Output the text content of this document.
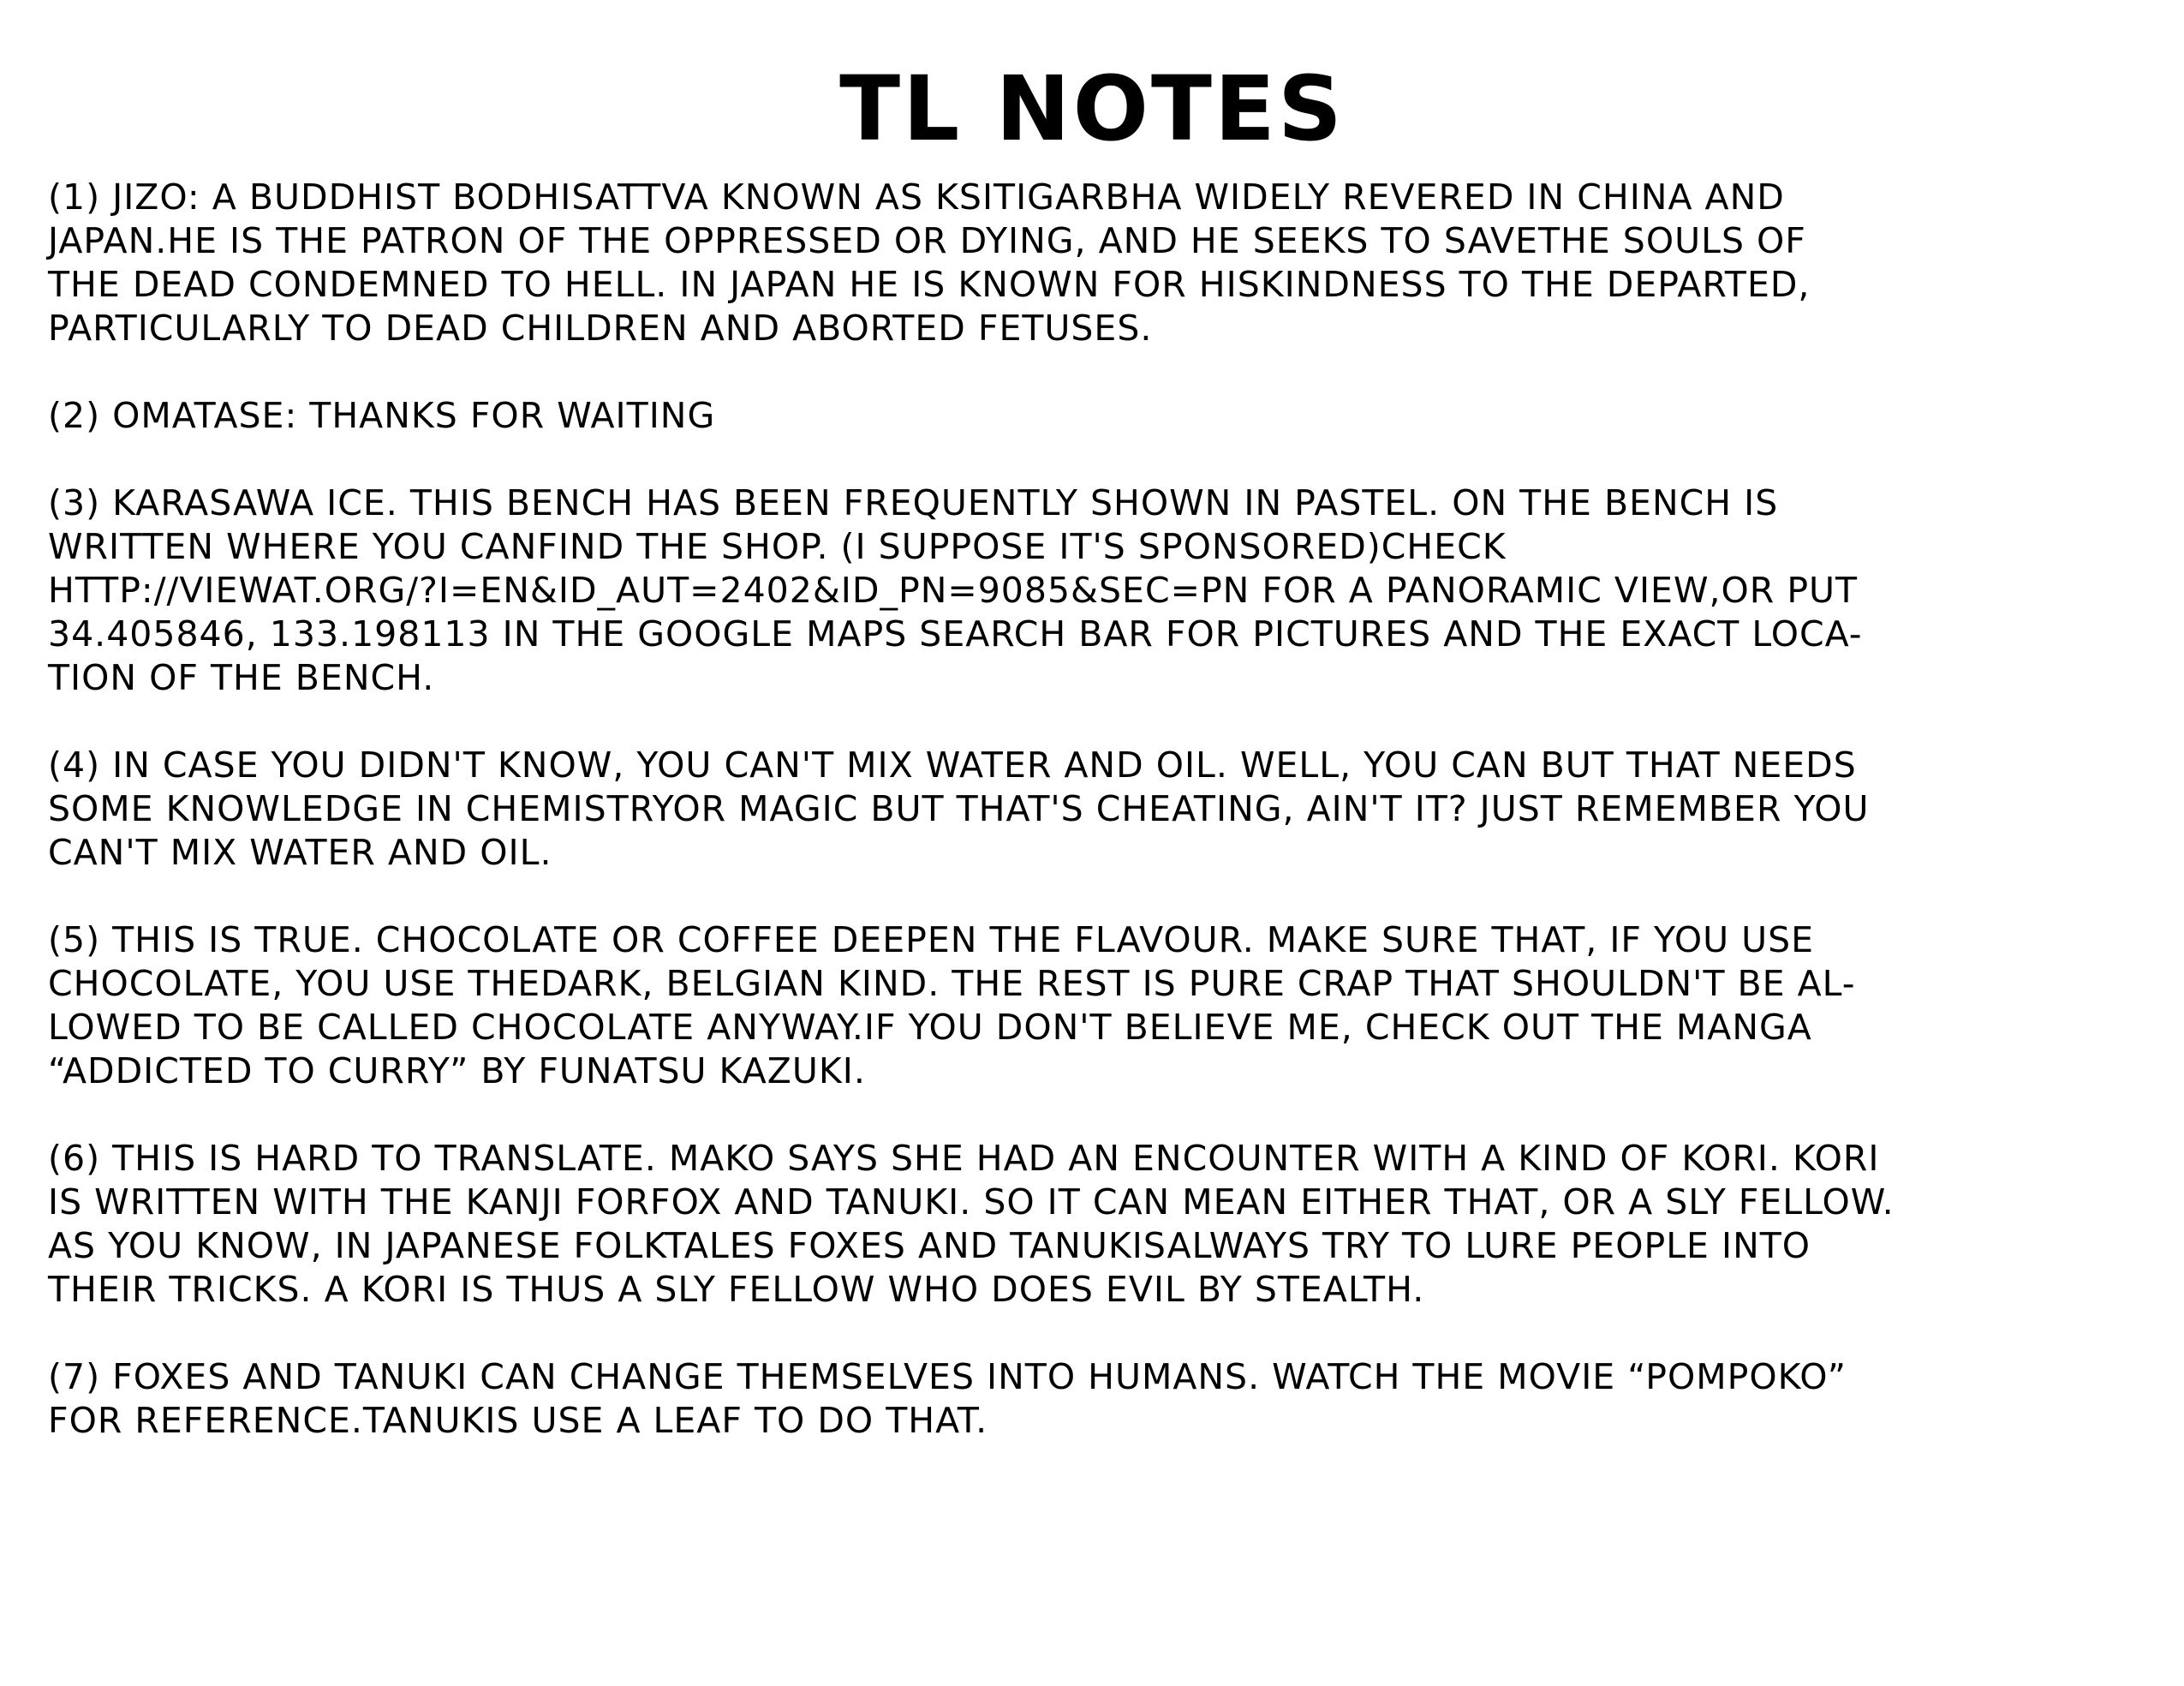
TL NOTES
(1) JIZO: A BUDDHIST BODHISATTVA KNOWN AS KSITIGARBHA WIDELY REVERED IN CHINA AND
JAPAN.HE IS THE PATRON OF THE OPPRESSED OR DYING, AND HE SEEKS TO SAVETHE SOULS OF
THE DEAD CONDEMNED TO HELL. IN JAPAN HE IS KNOWN FOR HISKINDNESS TO THE DEPARTED,
PARTICULARLY TO DEAD CHILDREN AND ABORTED FETUSES.
(2) OMATASE: THANKS FOR WAITING
(3) KARASAWA ICE. THIS BENCH HAS BEEN FREQUENTLY SHOWN IN PASTEL. ON THE BENCH IS
WRITTEN WHERE YOU CANFIND THE SHOP. (I SUPPOSE IT'S SPONSORED)CHECK
HTTP://VIEWAT.ORG/?I=EN&ID_AUT=2402&ID_PN=9085&SEC=PN FOR A PANORAMIC VIEW,OR PUT
34.405846, 133.198113 IN THE GOOGLE MAPS SEARCH BAR FOR PICTURES AND THE EXACT LOCA-
TION OF THE BENCH.
(4) IN CASE YOU DIDN'T KNOW, YOU CAN'T MIX WATER AND OIL. WELL, YOU CAN BUT THAT NEEDS
SOME KNOWLEDGE IN CHEMISTRYOR MAGIC BUT THAT'S CHEATING, AIN'T IT? JUST REMEMBER YOU
CAN'T MIX WATER AND OIL.
(5) THIS IS TRUE. CHOCOLATE OR COFFEE DEEPEN THE FLAVOUR. MAKE SURE THAT, IF YOU USE
CHOCOLATE, YOU USE THEDARK, BELGIAN KIND. THE REST IS PURE CRAP THAT SHOULDN'T BE AL-
LOWED TO BE CALLED CHOCOLATE ANYWAY.IF YOU DON'T BELIEVE ME, CHECK OUT THE MANGA
“ADDICTED TO CURRY” BY FUNATSU KAZUKI.
(6) THIS IS HARD TO TRANSLATE. MAKO SAYS SHE HAD AN ENCOUNTER WITH A KIND OF KORI. KORI
IS WRITTEN WITH THE KANJI FORFOX AND TANUKI. SO IT CAN MEAN EITHER THAT, OR A SLY FELLOW.
AS YOU KNOW, IN JAPANESE FOLKTALES FOXES AND TANUKISALWAYS TRY TO LURE PEOPLE INTO
THEIR TRICKS. A KORI IS THUS A SLY FELLOW WHO DOES EVIL BY STEALTH.
(7) FOXES AND TANUKI CAN CHANGE THEMSELVES INTO HUMANS. WATCH THE MOVIE “POMPOKO”
FOR REFERENCE.TANUKIS USE A LEAF TO DO THAT.
